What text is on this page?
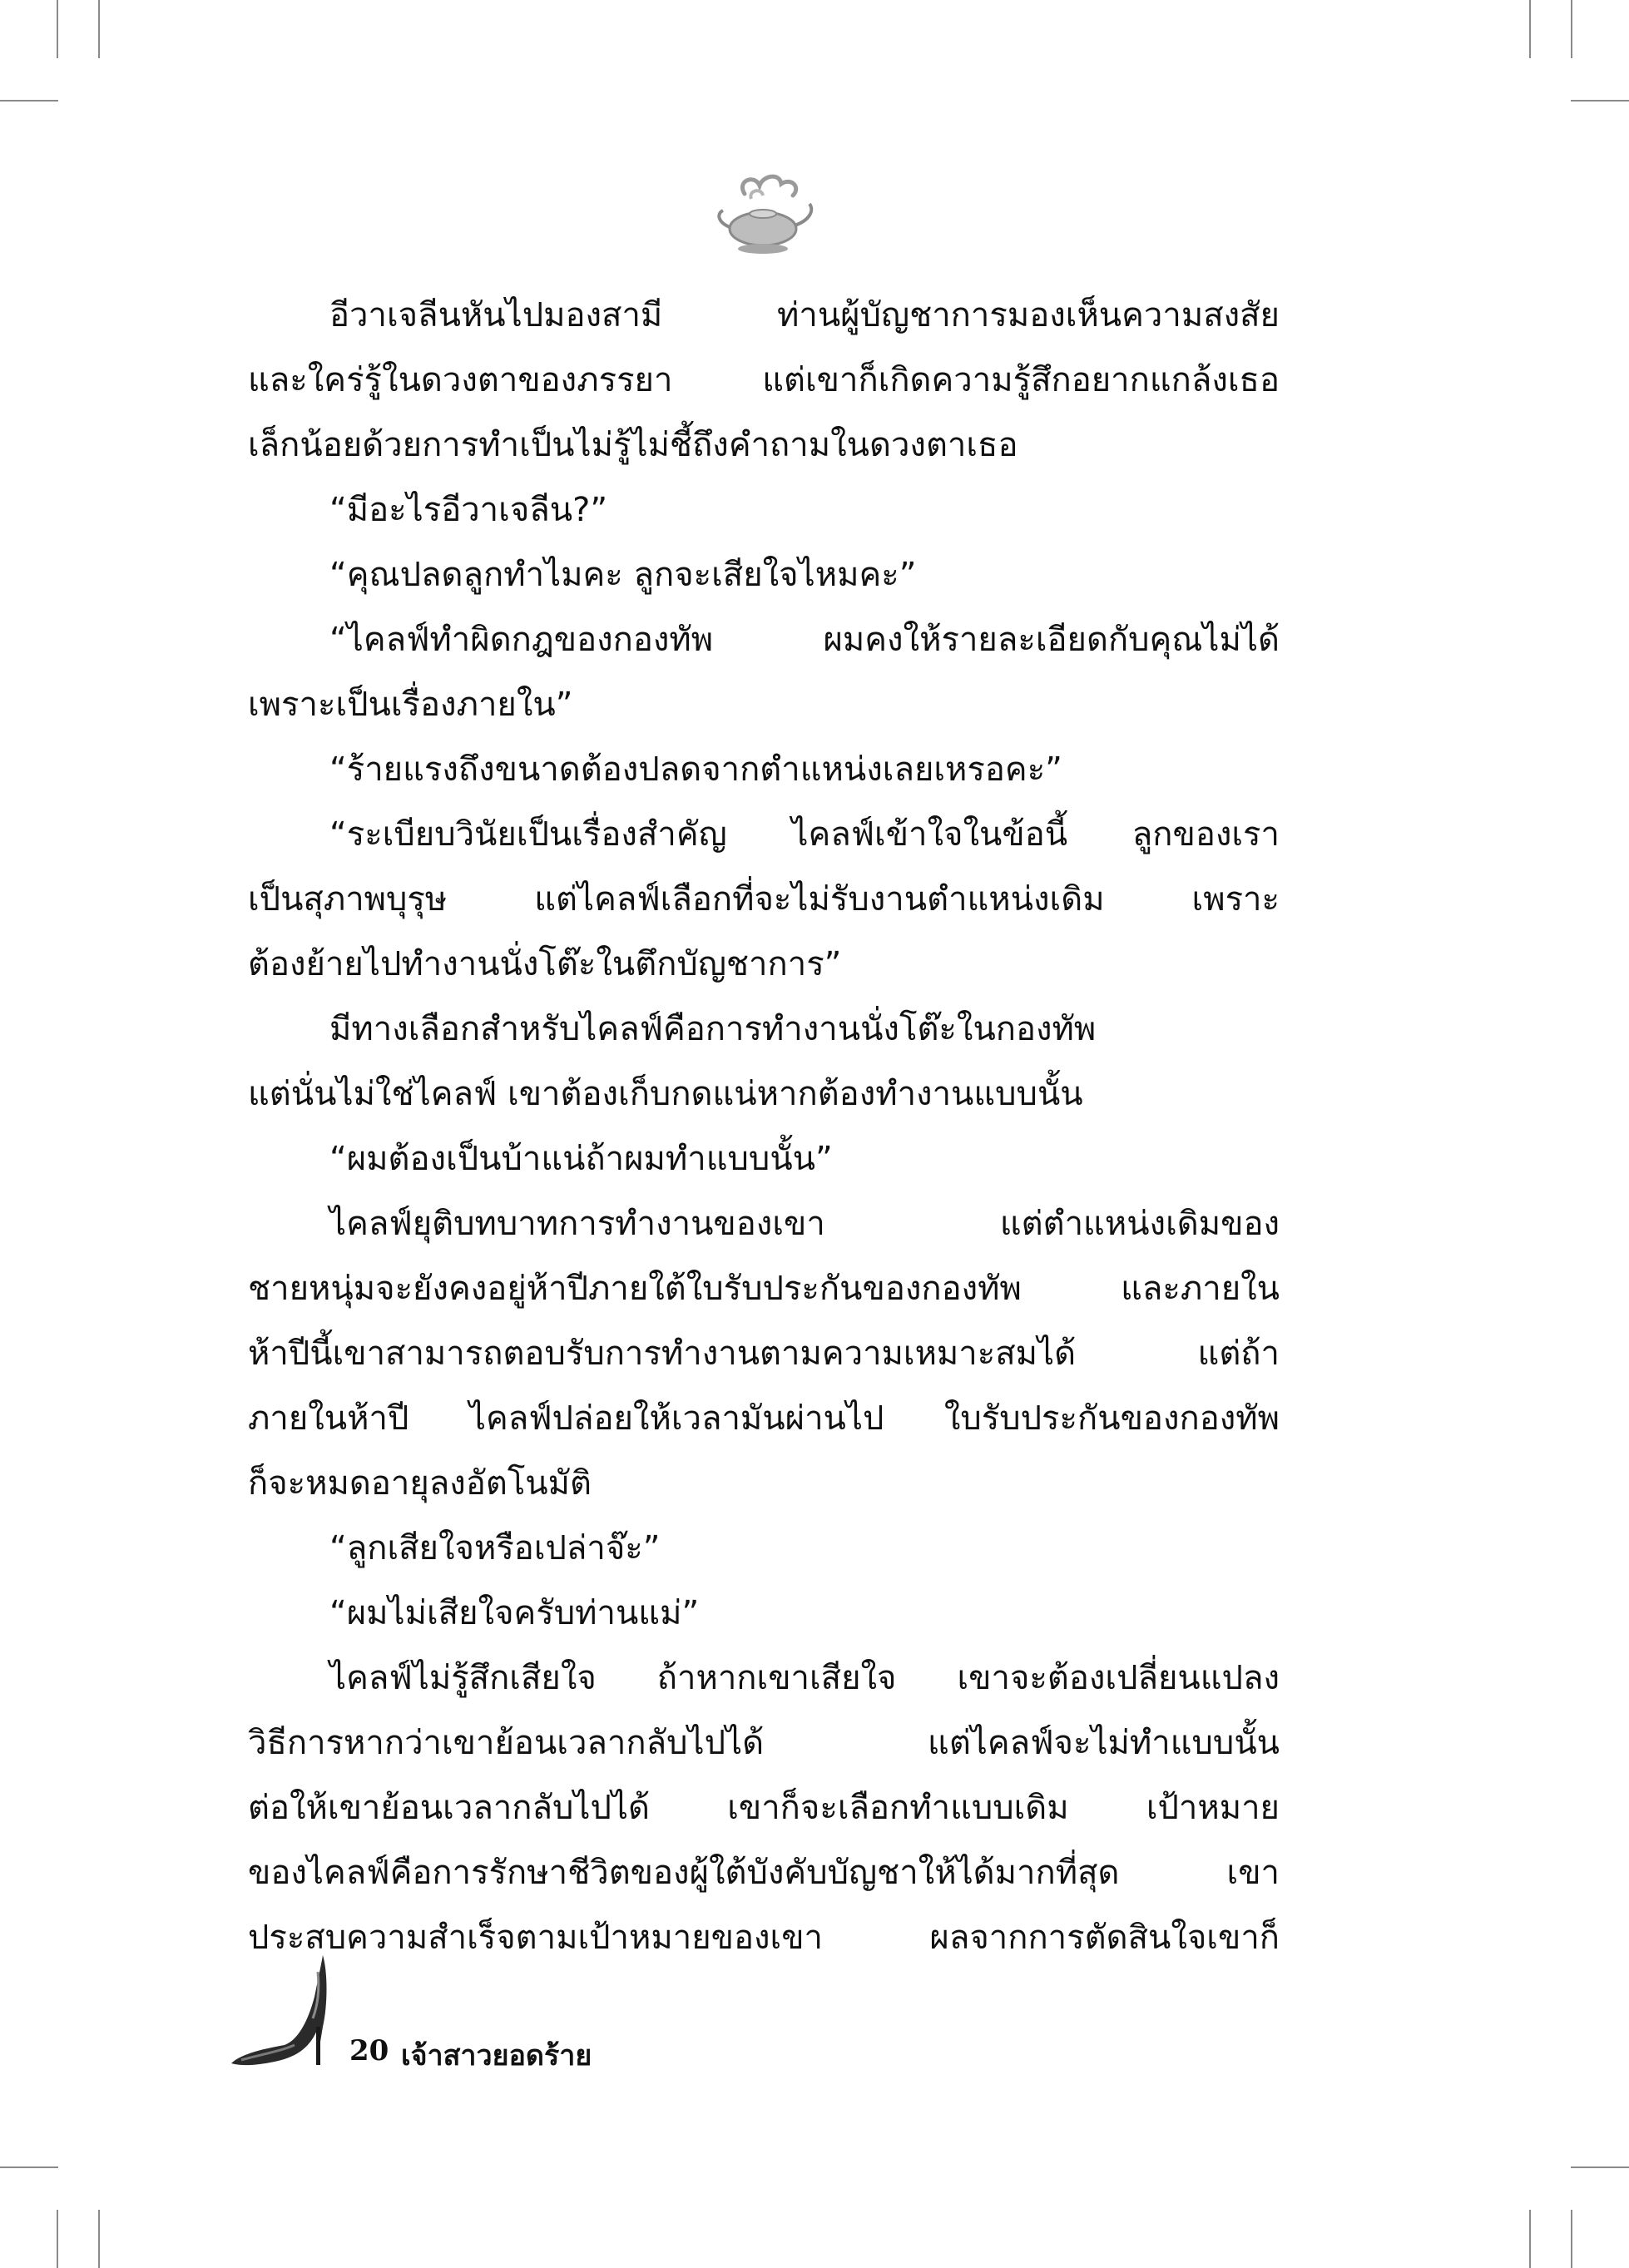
อีวาเจลีนหันไปมองสามี ท่านผู้บัญชาการมองเห็นความสงสัย
และใคร่รู้ในดวงตาของภรรยา แต่เขาก็เกิดความรู้สึกอยากแกล้งเธอ
เล็กน้อยด้วยการทำเป็นไม่รู้ไม่ชี้ถึงคำถามในดวงตาเธอ
“มีอะไรอีวาเจลีน?”
“คุณปลดลูกทำไมคะ ลูกจะเสียใจไหมคะ”
“ไคลฟ์ทำผิดกฎของกองทัพ ผมคงให้รายละเอียดกับคุณไม่ได้
เพราะเป็นเรื่องภายใน”
“ร้ายแรงถึงขนาดต้องปลดจากตำแหน่งเลยเหรอคะ”
“ระเบียบวินัยเป็นเรื่องสำคัญ ไคลฟ์เข้าใจในข้อนี้ ลูกของเรา
เป็นสุภาพบุรุษ แต่ไคลฟ์เลือกที่จะไม่รับงานตำแหน่งเดิม เพราะ
ต้องย้ายไปทำงานนั่งโต๊ะในตึกบัญชาการ”
มีทางเลือกสำหรับไคลฟ์คือการทำงานนั่งโต๊ะในกองทัพ
แต่นั่นไม่ใช่ไคลฟ์ เขาต้องเก็บกดแน่หากต้องทำงานแบบนั้น
“ผมต้องเป็นบ้าแน่ถ้าผมทำแบบนั้น”
ไคลฟ์ยุติบทบาทการทำงานของเขา แต่ตำแหน่งเดิมของ
ชายหนุ่มจะยังคงอยู่ห้าปีภายใต้ใบรับประกันของกองทัพ และภายใน
ห้าปีนี้เขาสามารถตอบรับการทำงานตามความเหมาะสมได้ แต่ถ้า
ภายในห้าปี ไคลฟ์ปล่อยให้เวลามันผ่านไป ใบรับประกันของกองทัพ
ก็จะหมดอายุลงอัตโนมัติ
“ลูกเสียใจหรือเปล่าจ๊ะ”
“ผมไม่เสียใจครับท่านแม่”
ไคลฟ์ไม่รู้สึกเสียใจ ถ้าหากเขาเสียใจ เขาจะต้องเปลี่ยนแปลง
วิธีการหากว่าเขาย้อนเวลากลับไปได้ แต่ไคลฟ์จะไม่ทำแบบนั้น
ต่อให้เขาย้อนเวลากลับไปได้ เขาก็จะเลือกทำแบบเดิม เป้าหมาย
ของไคลฟ์คือการรักษาชีวิตของผู้ใต้บังคับบัญชาให้ได้มากที่สุด เขา
ประสบความสำเร็จตามเป้าหมายของเขา ผลจากการตัดสินใจเขาก็
20 เจ้าสาวยอดร้าย
